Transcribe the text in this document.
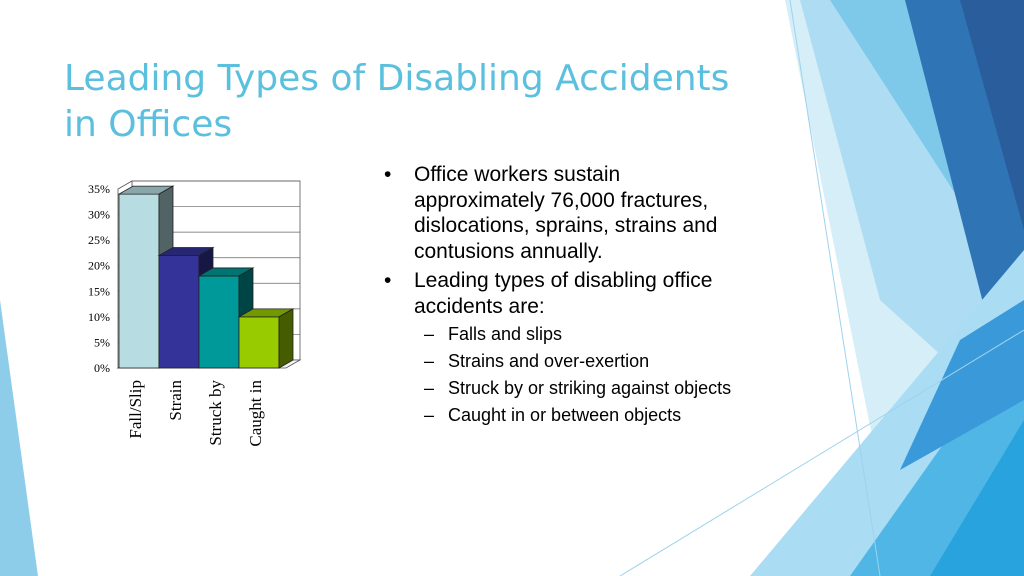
Leading Types of Disabling Accidents in Offices
0%
5%
10%
15%
20%
25%
30%
35%
Fall/Slip Strain Struck by Caught in
• Office workers sustain approximately 76,000 fractures, dislocations, sprains, strains and contusions annually.
• Leading types of disabling office accidents are:
– Falls and slips
– Strains and over-exertion
– Struck by or striking against objects
– Caught in or between objects
